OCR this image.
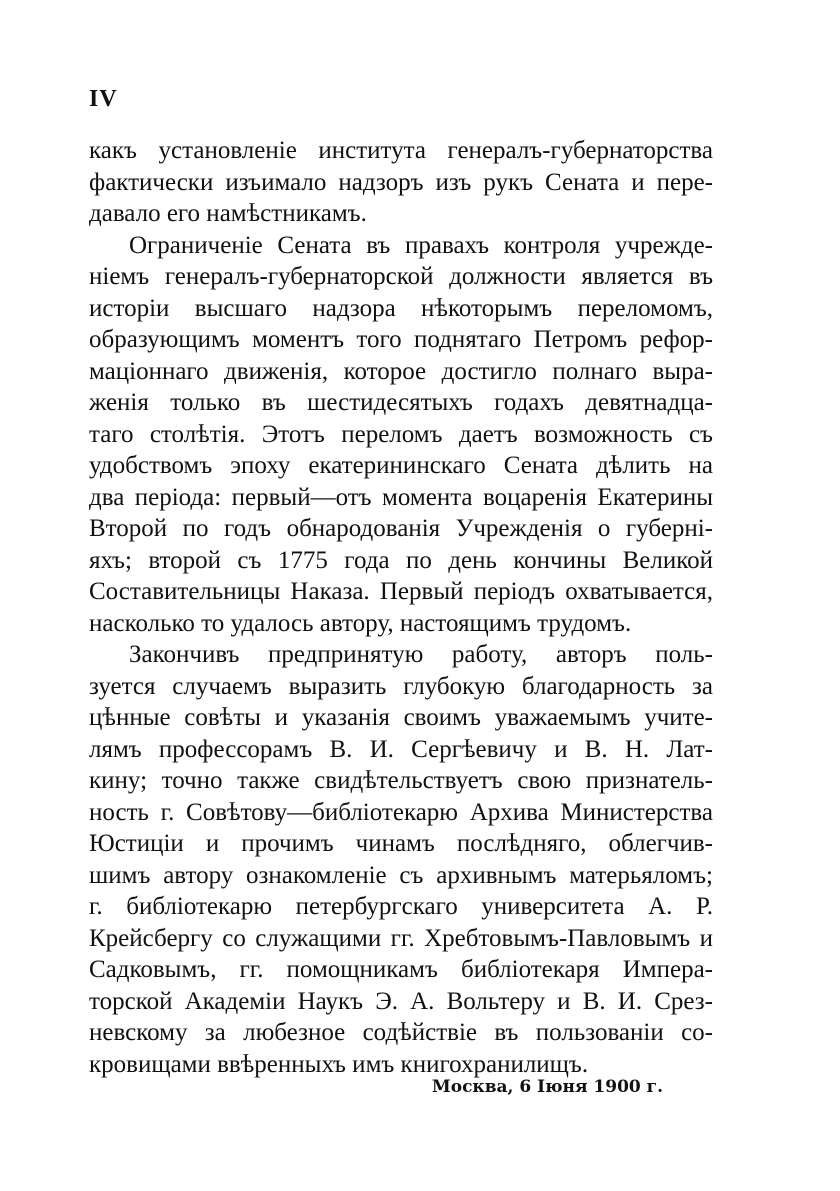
IV

какъ установленіе института генералъ-губернаторства
фактически изъимало надзоръ изъ рукъ Сената и пере-
давало его намѣстникамъ.

Ограниченіе Сената въ правахъ контроля учрежде-
ніемъ генералъ-губернаторской должности является въ
исторіи высшаго надзора нѣкоторымъ переломомъ,
образующимъ моментъ того поднятаго Петромъ рефор-
маціоннаго движенія, которое достигло полнаго выра-
женія только въ шестидесятыхъ годахъ девятнадца-
таго столѣтія. Этотъ переломъ даетъ возможность съ
удобствомъ эпоху екатерининскаго Сената дѣлить на
два періода: первый—отъ момента воцаренія Екатерины
Второй по годъ обнародованія Учрежденія о губерні-
яхъ; второй съ 1775 года по день кончины Великой
Составительницы Наказа. Первый періодъ охватывается,
насколько то удалось автору, настоящимъ трудомъ.

Закончивъ предпринятую работу, авторъ поль-
зуется случаемъ выразить глубокую благодарность за
цѣнные совѣты и указанія своимъ уважаемымъ учите-
лямъ профессорамъ В. И. Сергѣевичу и В. Н. Лат-
кину; точно также свидѣтельствуетъ свою признатель-
ность г. Совѣтову—библіотекарю Архива Министерства
Юстиціи и прочимъ чинамъ послѣдняго, облегчив-
шимъ автору ознакомленіе съ архивнымъ матерьяломъ;
г. библіотекарю петербургскаго университета А. Р.
Крейсбергу со служащими гг. Хребтовымъ-Павловымъ и
Садковымъ, гг. помощникамъ библіотекаря Импера-
торской Академіи Наукъ Э. А. Вольтеру и В. И. Срез-
невскому за любезное содѣйствіе въ пользованіи со-
кровищами ввѣренныхъ имъ книгохранилищъ.

Москва, 6 Іюня 1900 г.
